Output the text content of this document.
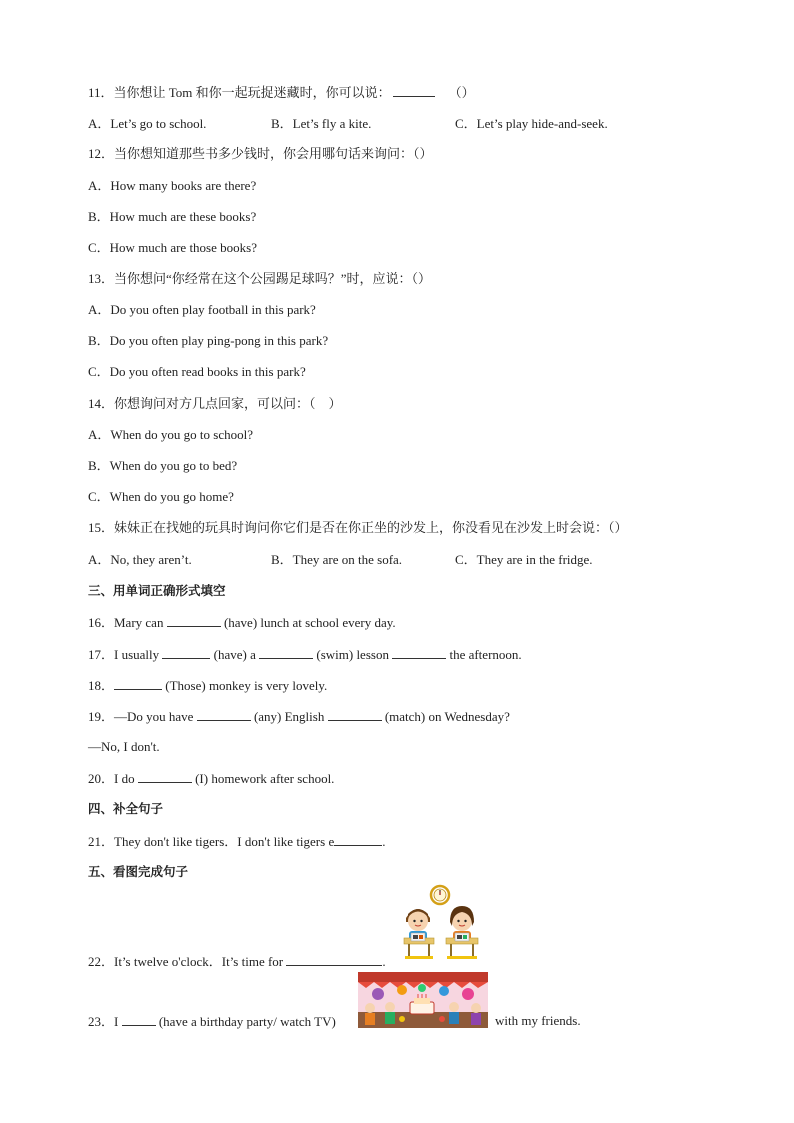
11．当你想让 Tom 和你一起玩捉迷藏时，你可以说：	（）
A．Let’s go to school.	B．Let’s fly a kite.	C．Let’s play hide-and-seek.
12．当你想知道那些书多少钱时，你会用哪句话来询问：（）
A．How many books are there?
B．How much are these books?
C．How much are those books?
13．当你想问“你经常在这个公园踢足球吗？”时，应说：（）
A．Do you often play football in this park?
B．Do you often play ping-pong in this park?
C．Do you often read books in this park?
14．你想询问对方几点回家，可以问：（　）
A．When do you go to school?
B．When do you go to bed?
C．When do you go home?
15．妹妹正在找她的玩具时询问你它们是否在你正坐的沙发上，你没看见在沙发上时会说：（）
A．No, they aren’t.	B．They are on the sofa.	C．They are in the fridge.
三、用单词正确形式填空
16．Mary can	(have) lunch at school every day.
17．I usually	(have) a	(swim) lesson	the afternoon.
18．	(Those) monkey is very lovely.
19．—Do you have	(any) English	(match) on Wednesday?
—No, I don't.
20．I do	(I) homework after school.
四、补全句子
21．They don't like tigers．I don't like tigers e	.
五、看图完成句子
22．It’s twelve o'clock．It’s time for	.
23．I	(have a birthday party/ watch TV)	with my friends.
